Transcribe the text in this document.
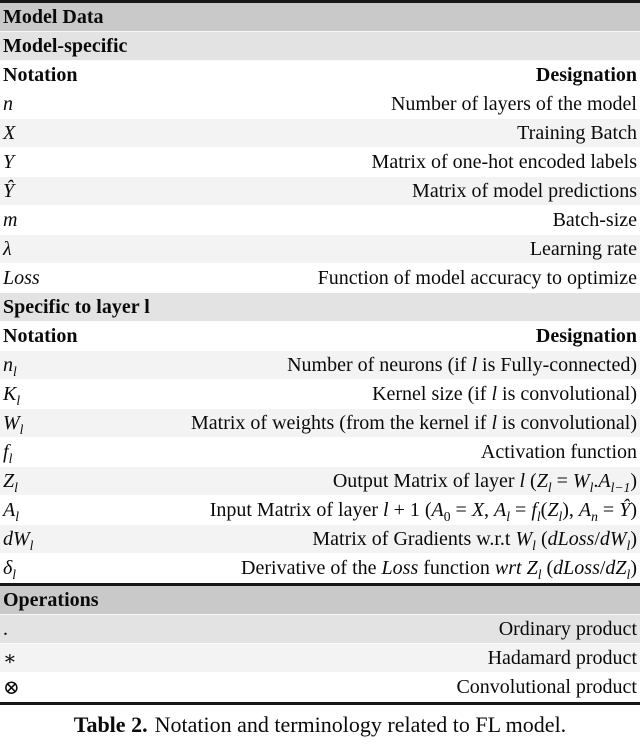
Model Data
Model-specific
Notation	Designation
n	Number of layers of the model
X	Training Batch
Y	Matrix of one-hot encoded labels
Ŷ	Matrix of model predictions
m	Batch-size
λ	Learning rate
Loss	Function of model accuracy to optimize
Specific to layer l
Notation	Designation
$n_l$	Number of neurons (if l is Fully-connected)
$K_l$	Kernel size (if l is convolutional)
$W_l$	Matrix of weights (from the kernel if l is convolutional)
$f_l$	Activation function
$Z_l$	Output Matrix of layer l $(Z_l = W_l.A_{l-1})$
$A_l$	Input Matrix of layer l + 1 ($A_0 = X$, $A_l = f_l(Z_l)$, $A_n$ = Ŷ)
$dW_l$	Matrix of Gradients w.r.t $W_l$ $(dLoss/dW_l)$
$\delta_l$	Derivative of the Loss function wrt $Z_l$ $(dLoss/dZ_l)$
Operations
.	Ordinary product
∗	Hadamard product
⊗	Convolutional product
Table 2. Notation and terminology related to FL model.
